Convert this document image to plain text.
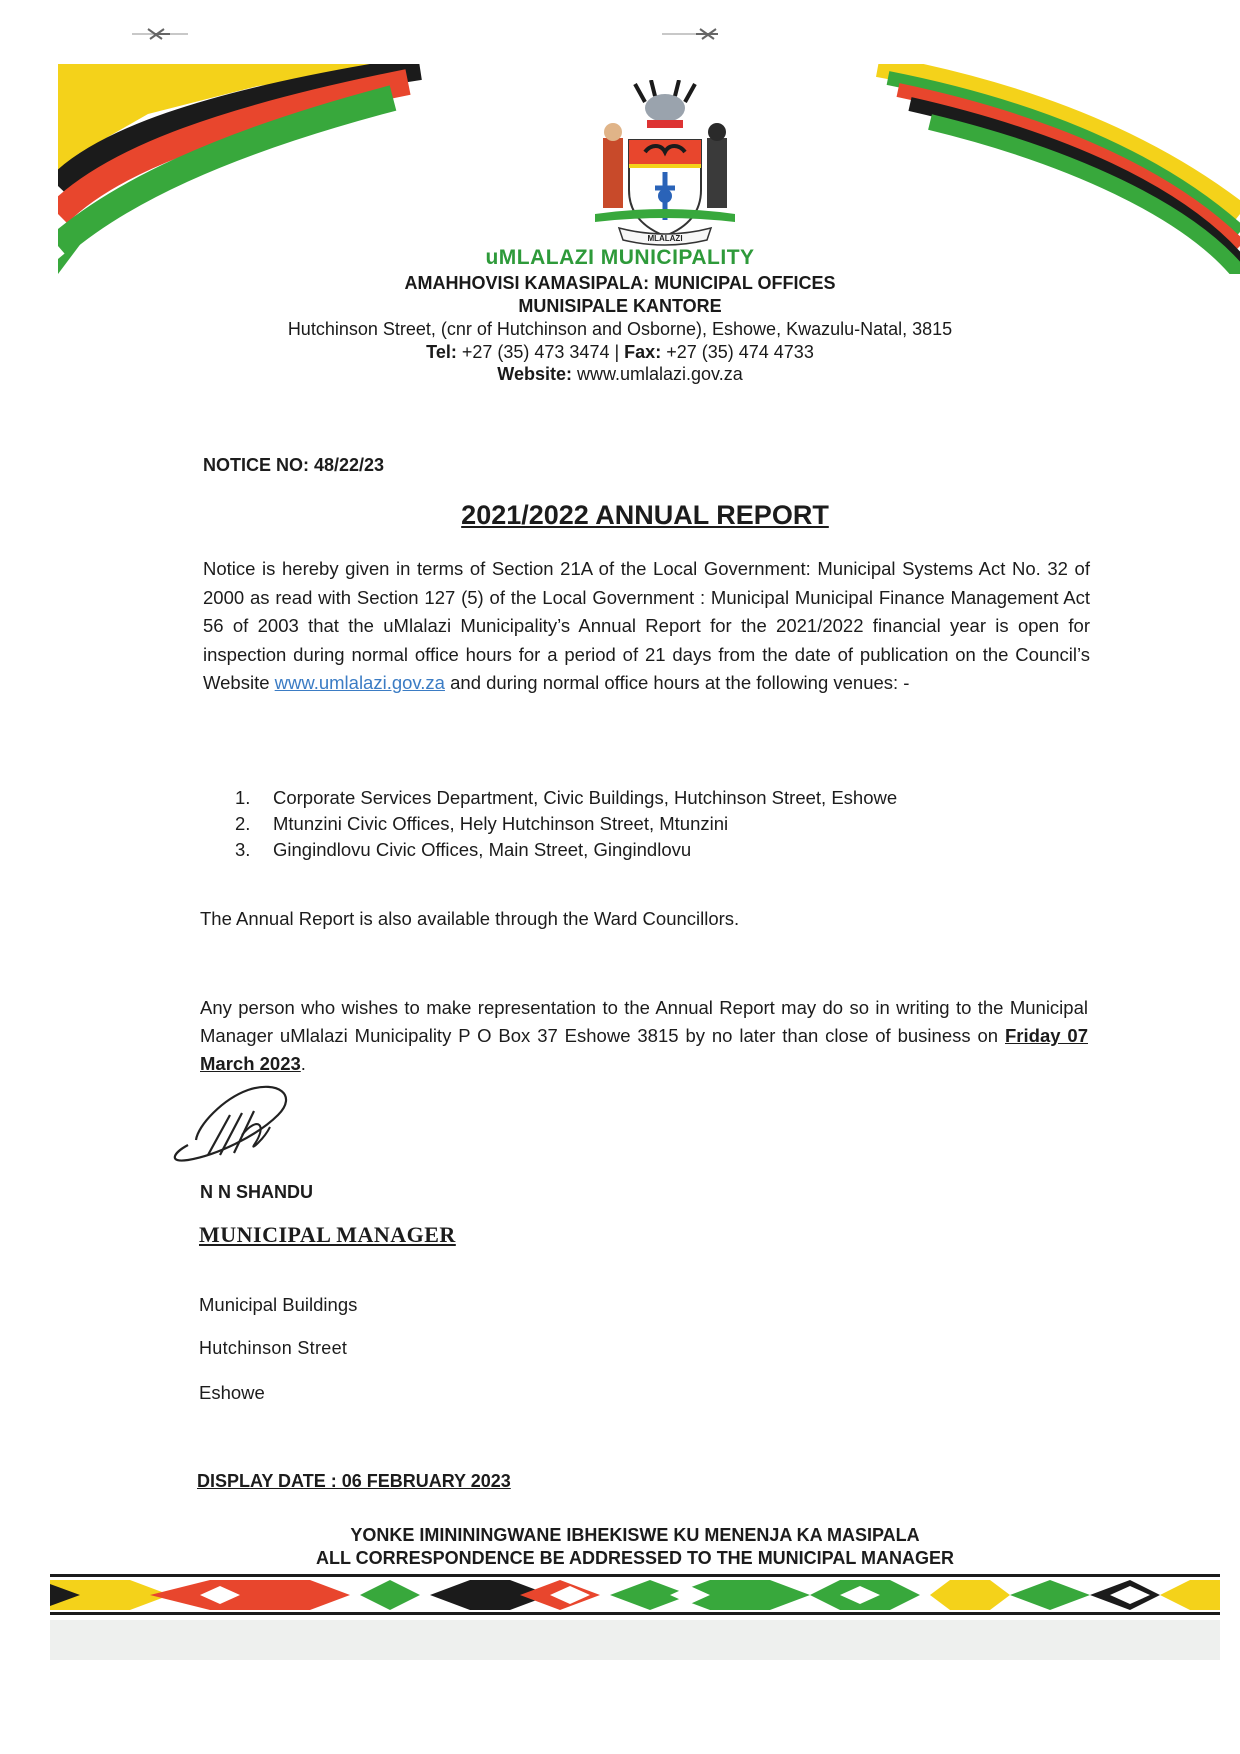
MLALAZI
uMLALAZI MUNICIPALITY
AMAHHOVISI KAMASIPALA: MUNICIPAL OFFICES
MUNISIPALE KANTORE
Hutchinson Street, (cnr of Hutchinson and Osborne), Eshowe, Kwazulu-Natal, 3815
Tel: +27 (35) 473 3474 | Fax: +27 (35) 474 4733
Website: www.umlalazi.gov.za
NOTICE NO: 48/22/23
2021/2022 ANNUAL REPORT
Notice is hereby given in terms of Section 21A of the Local Government: Municipal Systems Act No. 32 of 2000 as read with Section 127 (5) of the Local Government : Municipal Municipal Finance Management Act 56 of 2003 that the uMlalazi Municipality’s Annual Report for the 2021/2022 financial year is open for inspection during normal office hours for a period of 21 days from the date of publication on the Council’s Website www.umlalazi.gov.za and during normal office hours at the following venues: -
1. Corporate Services Department, Civic Buildings, Hutchinson Street, Eshowe
2. Mtunzini Civic Offices, Hely Hutchinson Street, Mtunzini
3. Gingindlovu Civic Offices, Main Street, Gingindlovu
The Annual Report is also available through the Ward Councillors.
Any person who wishes to make representation to the Annual Report may do so in writing to the Municipal Manager uMlalazi Municipality P O Box 37 Eshowe 3815 by no later than close of business on Friday 07 March 2023.
N N SHANDU
MUNICIPAL MANAGER
Municipal Buildings
Hutchinson Street
Eshowe
DISPLAY DATE : 06 FEBRUARY 2023
YONKE IMINININGWANE IBHEKISWE KU MENENJA KA MASIPALA
ALL CORRESPONDENCE BE ADDRESSED TO THE MUNICIPAL MANAGER
